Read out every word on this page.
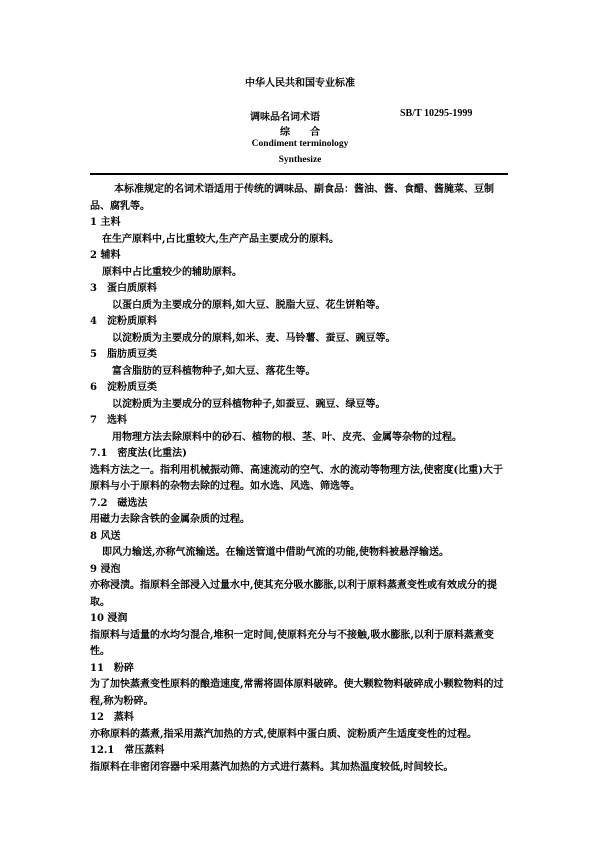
中华人民共和国专业标准
调味品名词术语	SB/T 10295-1999
综合
Condiment terminology
Synthesize

本标准规定的名词术语适用于传统的调味品、副食品：酱油、酱、食醋、酱腌菜、豆制品、腐乳等。

1 主料

在生产原料中,占比重较大,生产产品主要成分的原料。

2 辅料

原料中占比重较少的辅助原料。

3 蛋白质原料

以蛋白质为主要成分的原料,如大豆、脱脂大豆、花生饼粕等。

4 淀粉质原料

以淀粉质为主要成分的原料,如米、麦、马铃薯、蚕豆、豌豆等。

5 脂肪质豆类

富含脂肪的豆科植物种子,如大豆、落花生等。

6 淀粉质豆类

以淀粉质为主要成分的豆科植物种子,如蚕豆、豌豆、绿豆等。

7 选料

用物理方法去除原料中的砂石、植物的根、茎、叶、皮壳、金属等杂物的过程。

7.1 密度法(比重法)

选料方法之一。指利用机械振动筛、高速流动的空气、水的流动等物理方法,使密度(比重)大于原料与小于原料的杂物去除的过程。如水选、风选、筛选等。

7.2 磁选法

用磁力去除含铁的金属杂质的过程。

8 风送

即风力输送,亦称气流输送。在输送管道中借助气流的功能,使物料被悬浮输送。

9 浸泡

亦称浸渍。指原料全部浸入过量水中,使其充分吸水膨胀,以利于原料蒸煮变性或有效成分的提取。

10 浸润

指原料与适量的水均匀混合,堆积一定时间,使原料充分与不接触,吸水膨胀,以利于原料蒸煮变性。

11 粉碎

为了加快蒸煮变性原料的酿造速度,常需将固体原料破碎。使大颗粒物料破碎成小颗粒物料的过程,称为粉碎。

12 蒸料

亦称原料的蒸煮,指采用蒸汽加热的方式,使原料中蛋白质、淀粉质产生适度变性的过程。

12.1 常压蒸料

指原料在非密闭容器中采用蒸汽加热的方式进行蒸料。其加热温度较低,时间较长。
